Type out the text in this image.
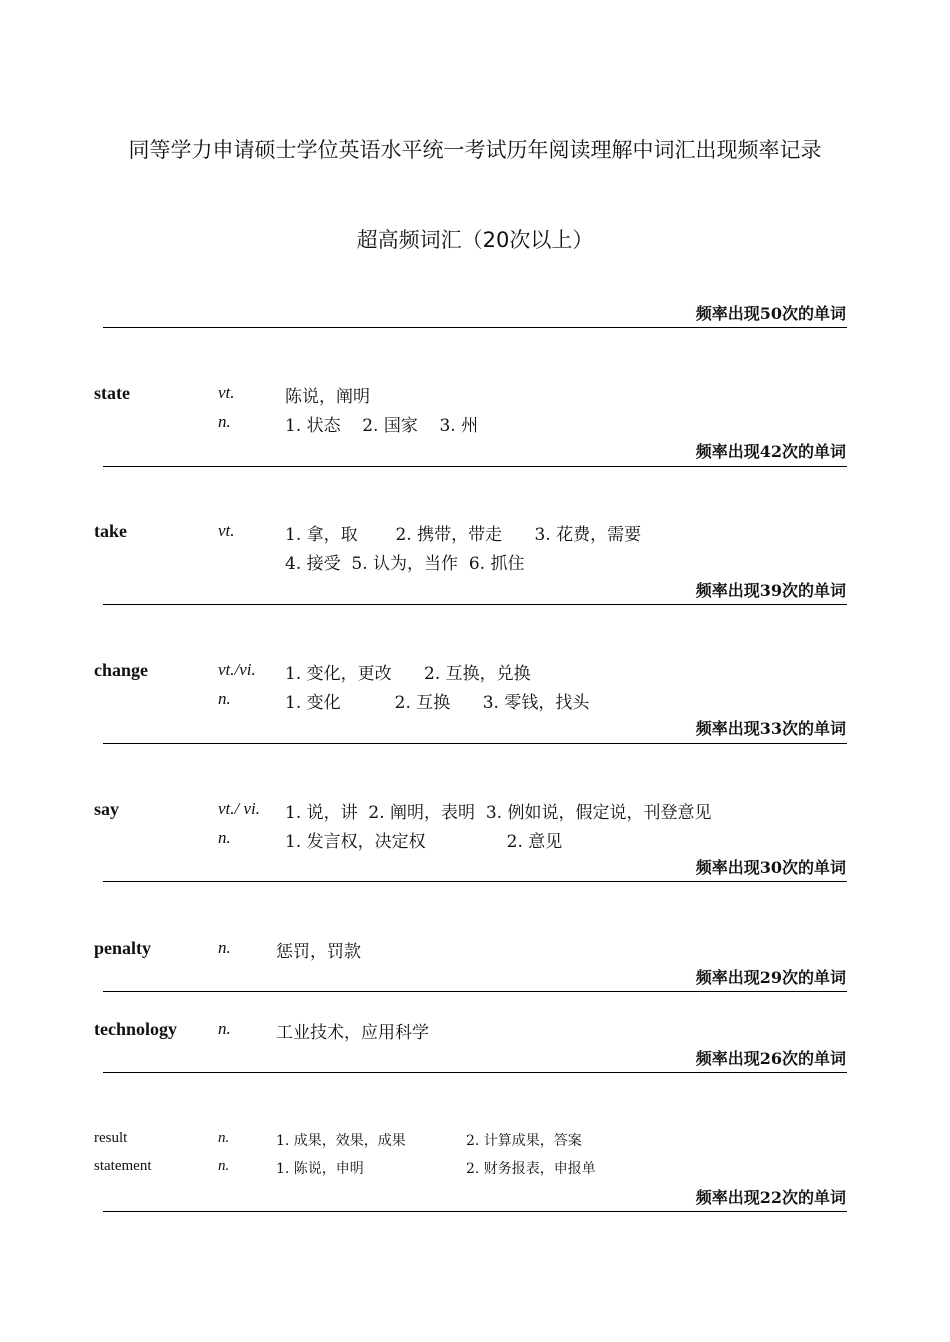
同等学力申请硕士学位英语水平统一考试历年阅读理解中词汇出现频率记录
超高频词汇（20次以上）
频率出现50次的单词
state	vt.	陈说，阐明
n.	1. 状态    2. 国家    3. 州
频率出现42次的单词
take	vt.	1. 拿，取       2. 携带，带走      3. 花费，需要
4. 接受  5. 认为，当作  6. 抓住
频率出现39次的单词
change	vt./vi. 1. 变化，更改      2. 互换，兑换
n.	1. 变化          2. 互换      3. 零钱，找头
频率出现33次的单词
say	vt./ vi. 1. 说，讲  2. 阐明，表明  3. 例如说，假定说，刊登意见
n.	1. 发言权，决定权               2. 意见
频率出现30次的单词
penalty	n.	惩罚，罚款
频率出现29次的单词
technology n.	工业技术，应用科学
频率出现26次的单词
result	n.	1. 成果，效果，成果	2. 计算成果，答案
statement	n.	1. 陈说，申明	2. 财务报表，申报单
频率出现22次的单词
